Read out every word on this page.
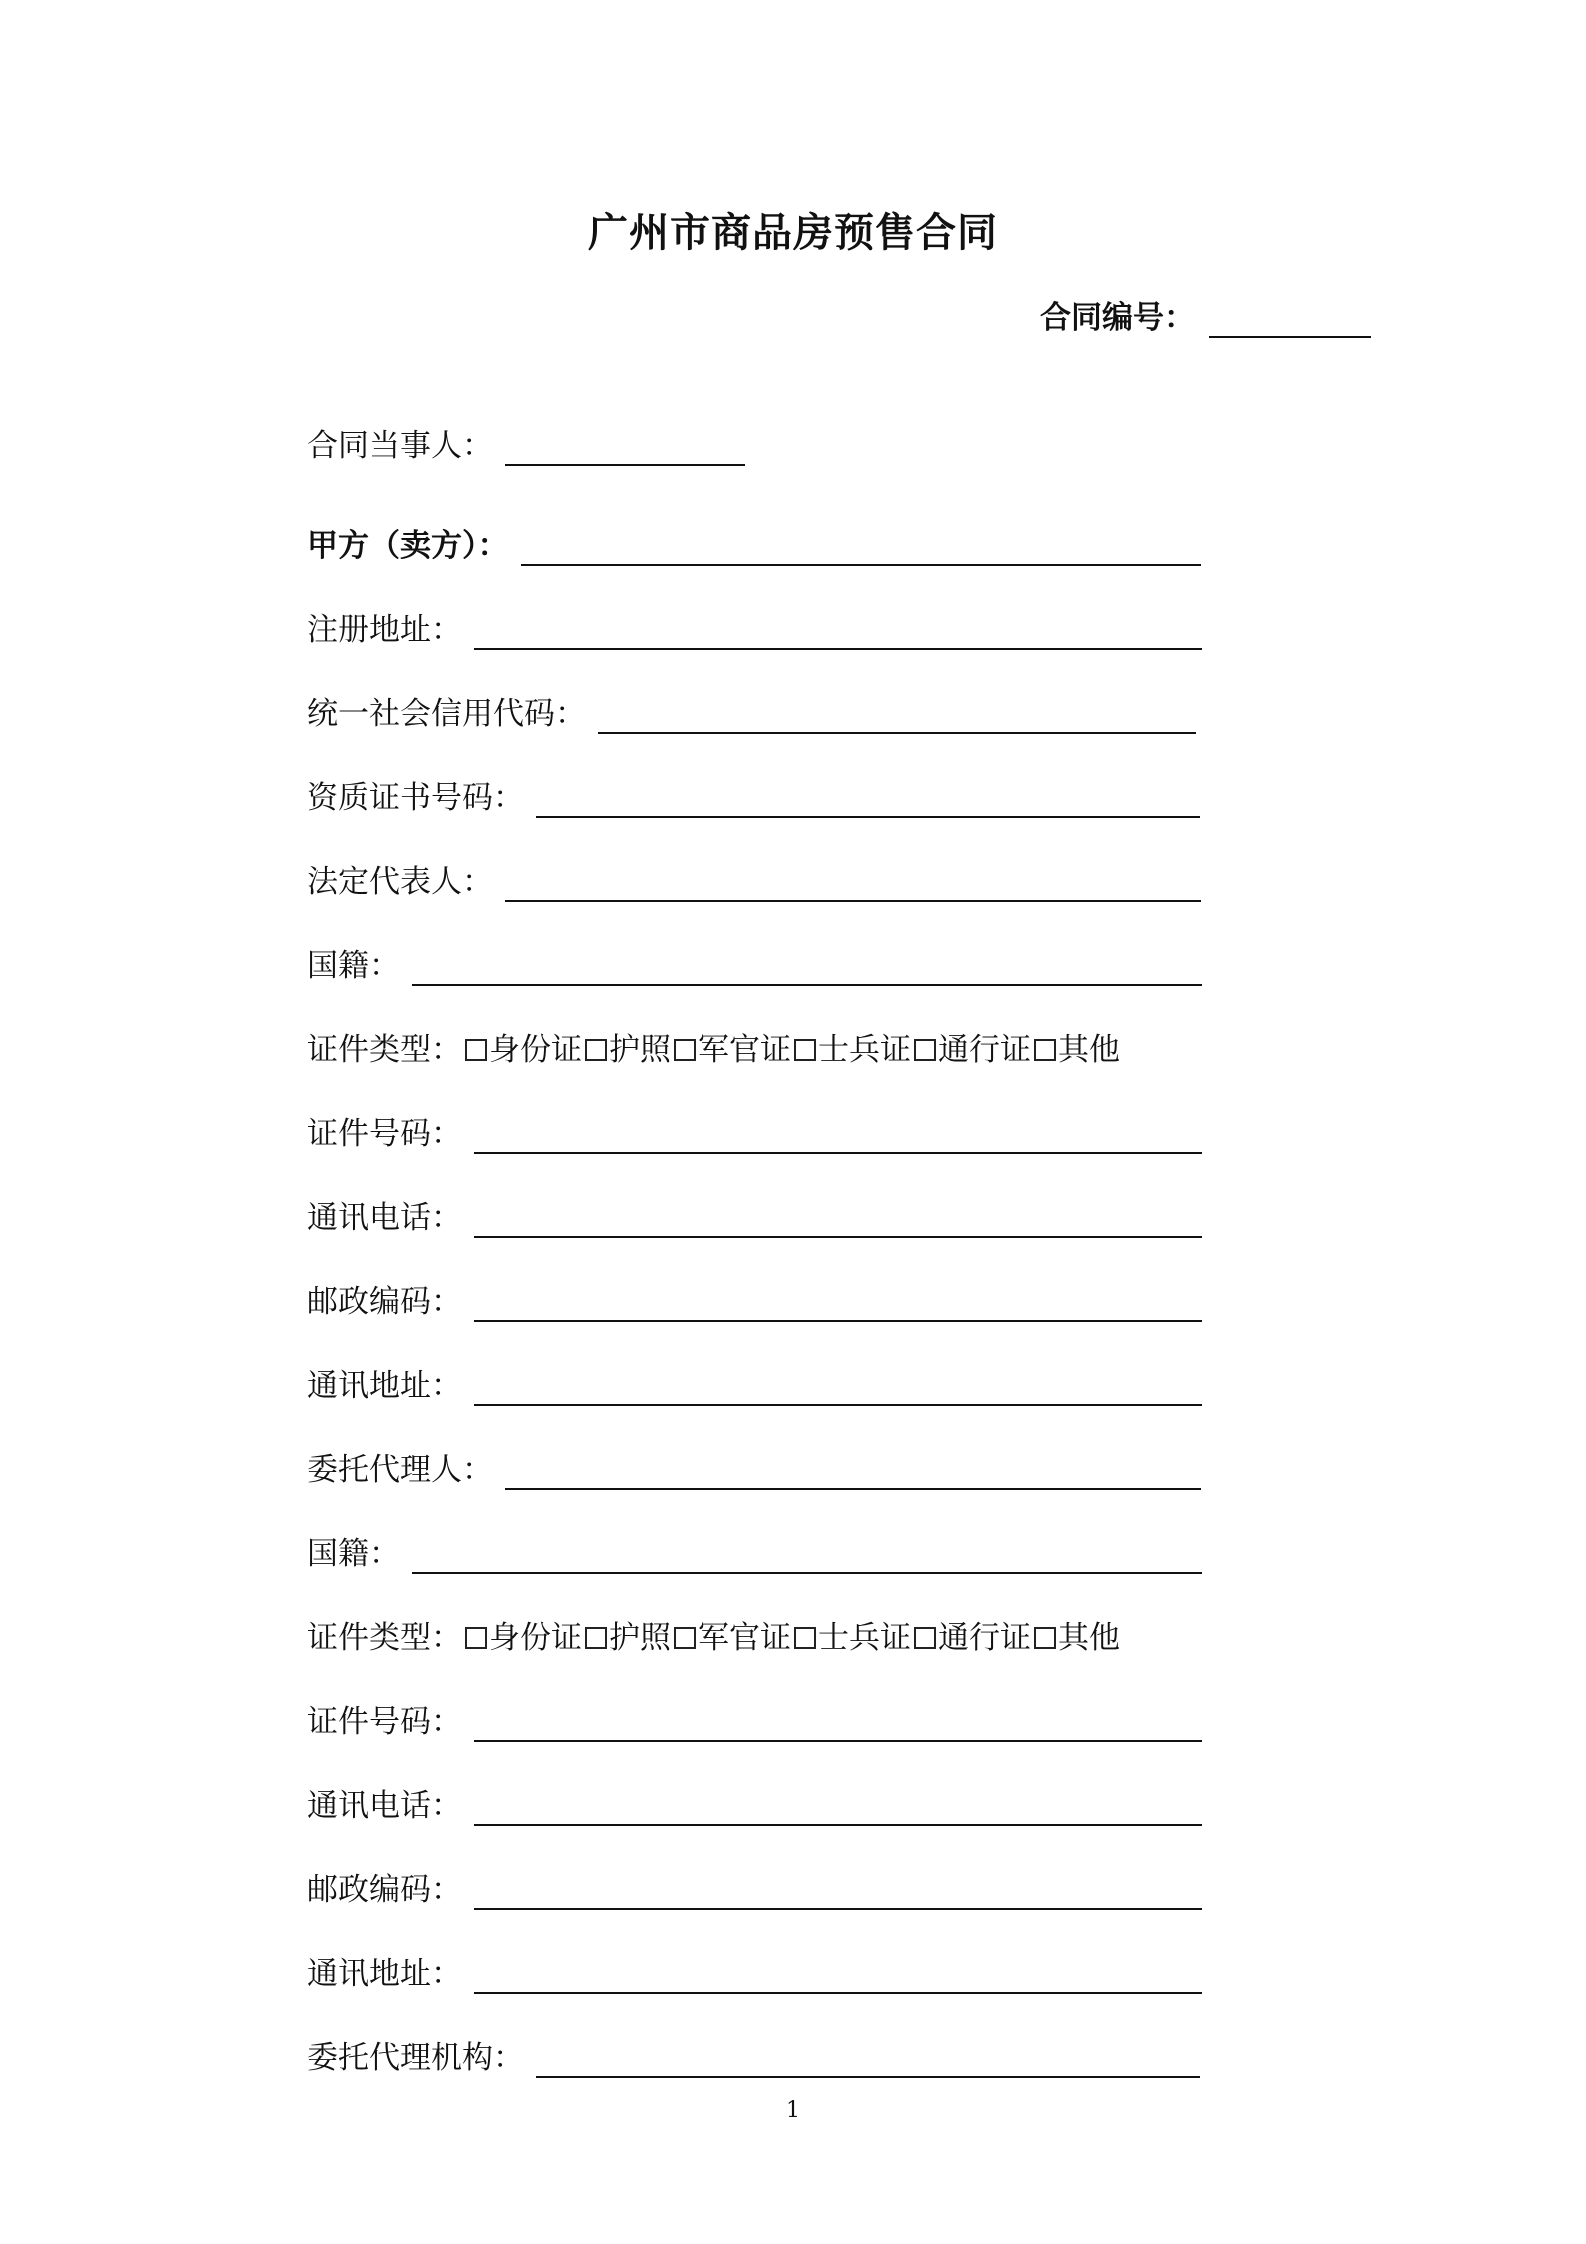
广州市商品房预售合同
合同编号：
合同当事人：
甲方（卖方）：
注册地址：
统一社会信用代码：
资质证书号码：
法定代表人：
国籍：
证件类型： 身份证 护照 军官证 士兵证 通行证 其他
证件号码：
通讯电话：
邮政编码：
通讯地址：
委托代理人：
国籍：
证件类型： 身份证 护照 军官证 士兵证 通行证 其他
证件号码：
通讯电话：
邮政编码：
通讯地址：
委托代理机构：
1
